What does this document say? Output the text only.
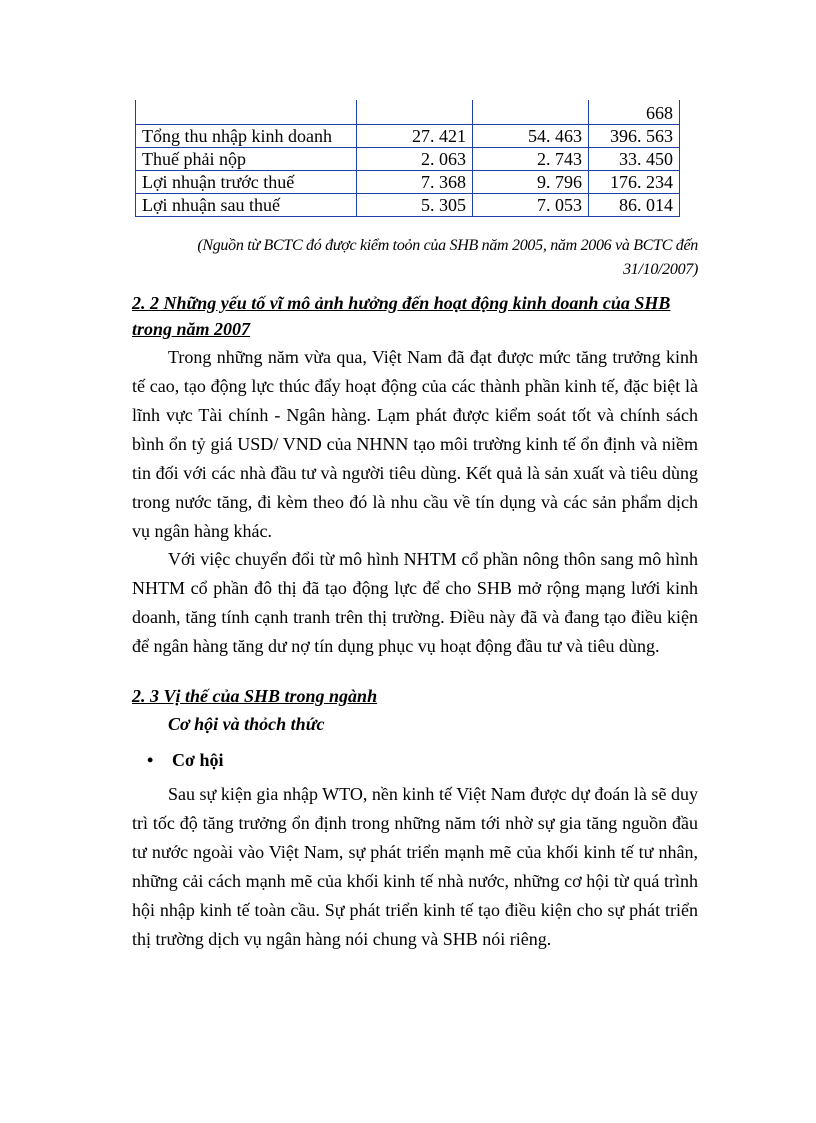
			668
Tổng thu nhập kinh doanh	27. 421	54. 463	396. 563
Thuế phải nộp	2. 063	2. 743	33. 450
Lợi nhuận trước thuế	7. 368	9. 796	176. 234
Lợi nhuận sau thuế	5. 305	7. 053	86. 014
(Nguồn từ BCTC đó được kiểm toỏn của SHB năm 2005, năm 2006 và BCTC đến
31/10/2007)
2. 2 Những yếu tố vĩ mô ảnh hưởng đến hoạt động kinh doanh của SHB
trong năm 2007

Trong những năm vừa qua, Việt Nam đã đạt được mức tăng trưởng kinh tế cao, tạo động lực thúc đẩy hoạt động của các thành phần kinh tế, đặc biệt là lĩnh vực Tài chính - Ngân hàng. Lạm phát được kiểm soát tốt và chính sách bình ổn tỷ giá USD/ VND của NHNN tạo môi trường kinh tế ổn định và niềm tin đối với các nhà đầu tư và người tiêu dùng. Kết quả là sản xuất và tiêu dùng trong nước tăng, đi kèm theo đó là nhu cầu về tín dụng và các sản phẩm dịch vụ ngân hàng khác.

Với việc chuyển đổi từ mô hình NHTM cổ phần nông thôn sang mô hình NHTM cổ phần đô thị đã tạo động lực để cho SHB mở rộng mạng lưới kinh doanh, tăng tính cạnh tranh trên thị trường. Điều này đã và đang tạo điều kiện để ngân hàng tăng dư nợ tín dụng phục vụ hoạt động đầu tư và tiêu dùng.

2. 3 Vị thế của SHB trong ngành
Cơ hội và thỏch thức
• Cơ hội

Sau sự kiện gia nhập WTO, nền kinh tế Việt Nam được dự đoán là sẽ duy trì tốc độ tăng trưởng ổn định trong những năm tới nhờ sự gia tăng nguồn đầu tư nước ngoài vào Việt Nam, sự phát triển mạnh mẽ của khối kinh tế tư nhân, những cải cách mạnh mẽ của khối kinh tế nhà nước, những cơ hội từ quá trình hội nhập kinh tế toàn cầu. Sự phát triển kinh tế tạo điều kiện cho sự phát triển thị trường dịch vụ ngân hàng nói chung và SHB nói riêng.
